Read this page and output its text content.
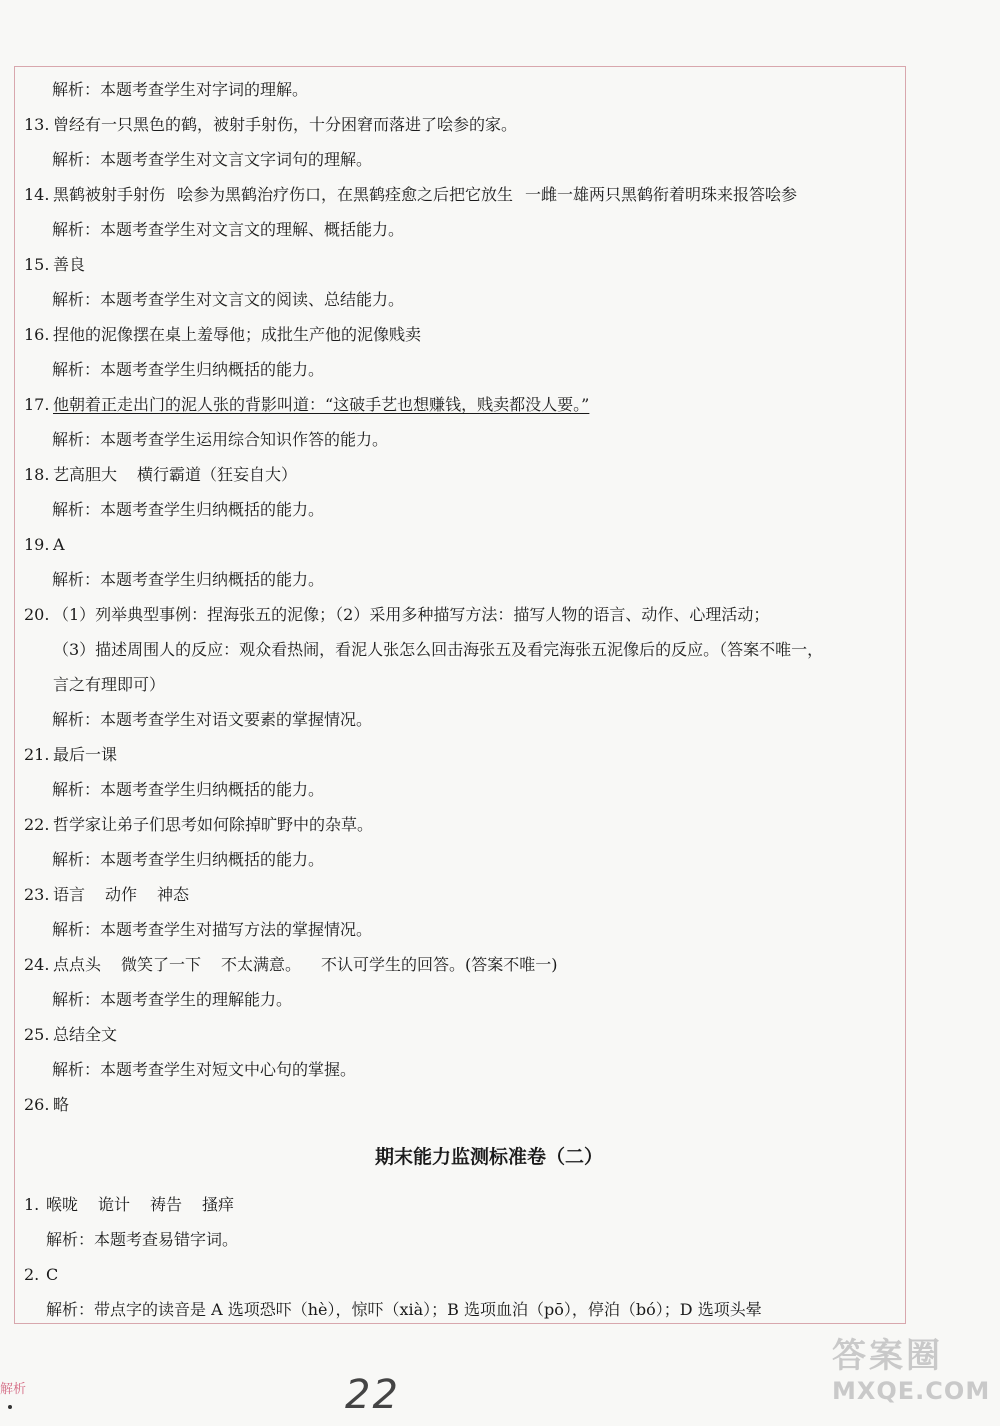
解析：本题考查学生对字词的理解。
13. 曾经有一只黑色的鹤，被射手射伤，十分困窘而落进了哙参的家。
解析：本题考查学生对文言文字词句的理解。
14. 黑鹤被射手射伤 哙参为黑鹤治疗伤口，在黑鹤痊愈之后把它放生 一雌一雄两只黑鹤衔着明珠来报答哙参
解析：本题考查学生对文言文的理解、概括能力。
15. 善良
解析：本题考查学生对文言文的阅读、总结能力。
16. 捏他的泥像摆在桌上羞辱他；成批生产他的泥像贱卖
解析：本题考查学生归纳概括的能力。
17. 他朝着正走出门的泥人张的背影叫道：“这破手艺也想赚钱，贱卖都没人要。”
解析：本题考查学生运用综合知识作答的能力。
18. 艺高胆大 横行霸道（狂妄自大）
解析：本题考查学生归纳概括的能力。
19. A
解析：本题考查学生归纳概括的能力。
20. （1）列举典型事例：捏海张五的泥像；（2）采用多种描写方法：描写人物的语言、动作、心理活动；
（3）描述周围人的反应：观众看热闹，看泥人张怎么回击海张五及看完海张五泥像后的反应。（答案不唯一，
言之有理即可）
解析：本题考查学生对语文要素的掌握情况。
21. 最后一课
解析：本题考查学生归纳概括的能力。
22. 哲学家让弟子们思考如何除掉旷野中的杂草。
解析：本题考查学生归纳概括的能力。
23. 语言 动作 神态
解析：本题考查学生对描写方法的掌握情况。
24. 点点头 微笑了一下 不太满意。 不认可学生的回答。(答案不唯一)
解析：本题考查学生的理解能力。
25. 总结全文
解析：本题考查学生对短文中心句的掌握。
26. 略
期末能力监测标准卷（二）
1. 喉咙 诡计 祷告 搔痒
解析：本题考查易错字词。
2. C
解析：带点字的读音是 A 选项恐吓（hè），惊吓（xià）；B 选项血泊（pō），停泊（bó）；D 选项头晕
解析	22
答案圈
MXQE.COM
